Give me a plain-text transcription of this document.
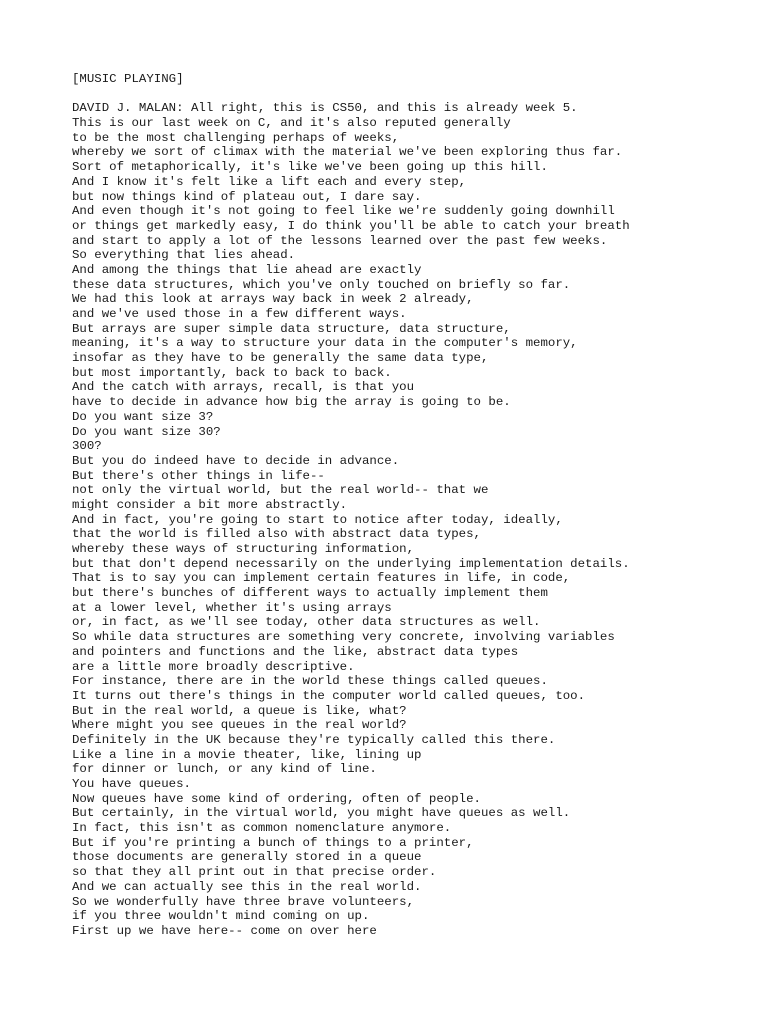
[MUSIC PLAYING]
DAVID J. MALAN: All right, this is CS50, and this is already week 5.
This is our last week on C, and it's also reputed generally
to be the most challenging perhaps of weeks,
whereby we sort of climax with the material we've been exploring thus far.
Sort of metaphorically, it's like we've been going up this hill.
And I know it's felt like a lift each and every step,
but now things kind of plateau out, I dare say.
And even though it's not going to feel like we're suddenly going downhill
or things get markedly easy, I do think you'll be able to catch your breath
and start to apply a lot of the lessons learned over the past few weeks.
So everything that lies ahead.
And among the things that lie ahead are exactly
these data structures, which you've only touched on briefly so far.
We had this look at arrays way back in week 2 already,
and we've used those in a few different ways.
But arrays are super simple data structure, data structure,
meaning, it's a way to structure your data in the computer's memory,
insofar as they have to be generally the same data type,
but most importantly, back to back to back.
And the catch with arrays, recall, is that you
have to decide in advance how big the array is going to be.
Do you want size 3?
Do you want size 30?
300?
But you do indeed have to decide in advance.
But there's other things in life--
not only the virtual world, but the real world-- that we
might consider a bit more abstractly.
And in fact, you're going to start to notice after today, ideally,
that the world is filled also with abstract data types,
whereby these ways of structuring information,
but that don't depend necessarily on the underlying implementation details.
That is to say you can implement certain features in life, in code,
but there's bunches of different ways to actually implement them
at a lower level, whether it's using arrays
or, in fact, as we'll see today, other data structures as well.
So while data structures are something very concrete, involving variables
and pointers and functions and the like, abstract data types
are a little more broadly descriptive.
For instance, there are in the world these things called queues.
It turns out there's things in the computer world called queues, too.
But in the real world, a queue is like, what?
Where might you see queues in the real world?
Definitely in the UK because they're typically called this there.
Like a line in a movie theater, like, lining up
for dinner or lunch, or any kind of line.
You have queues.
Now queues have some kind of ordering, often of people.
But certainly, in the virtual world, you might have queues as well.
In fact, this isn't as common nomenclature anymore.
But if you're printing a bunch of things to a printer,
those documents are generally stored in a queue
so that they all print out in that precise order.
And we can actually see this in the real world.
So we wonderfully have three brave volunteers,
if you three wouldn't mind coming on up.
First up we have here-- come on over here
